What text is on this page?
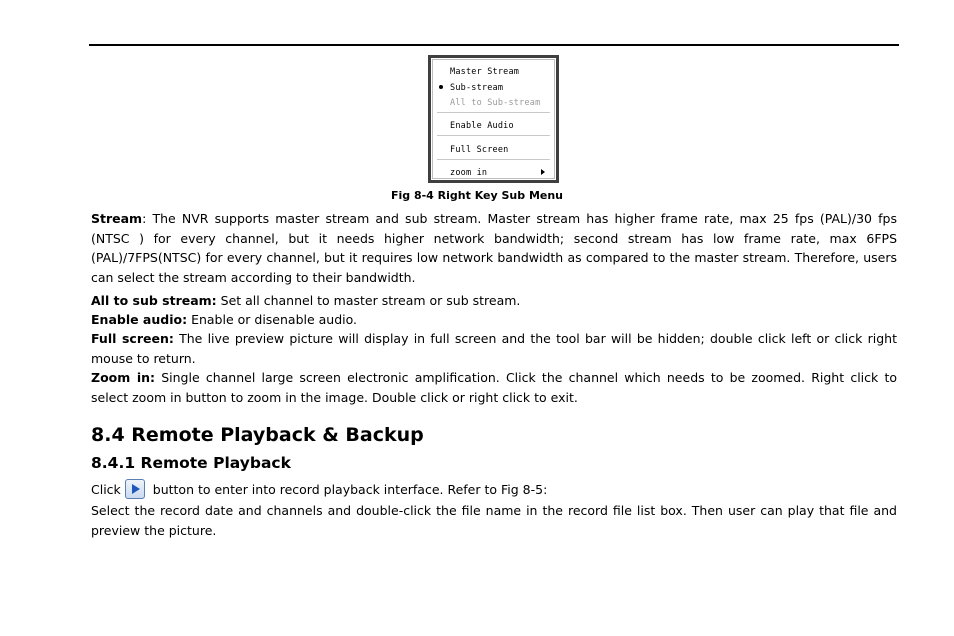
Master Stream
Sub-stream
All to Sub-stream
Enable Audio
Full Screen
zoom in
Fig 8-4 Right Key Sub Menu

Stream: The NVR supports master stream and sub stream. Master stream has higher frame rate, max 25 fps (PAL)/30 fps (NTSC ) for every channel, but it needs higher network bandwidth; second stream has low frame rate, max 6FPS (PAL)/7FPS(NTSC) for every channel, but it requires low network bandwidth as compared to the master stream. Therefore, users can select the stream according to their bandwidth.

All to sub stream: Set all channel to master stream or sub stream.

Enable audio: Enable or disenable audio.

Full screen: The live preview picture will display in full screen and the tool bar will be hidden; double click left or click right mouse to return.

Zoom in: Single channel large screen electronic amplification. Click the channel which needs to be zoomed. Right click to select zoom in button to zoom in the image. Double click or right click to exit.

8.4 Remote Playback & Backup
8.4.1 Remote Playback

Click button to enter into record playback interface. Refer to Fig 8-5:

Select the record date and channels and double-click the file name in the record file list box. Then user can play that file and preview the picture.
